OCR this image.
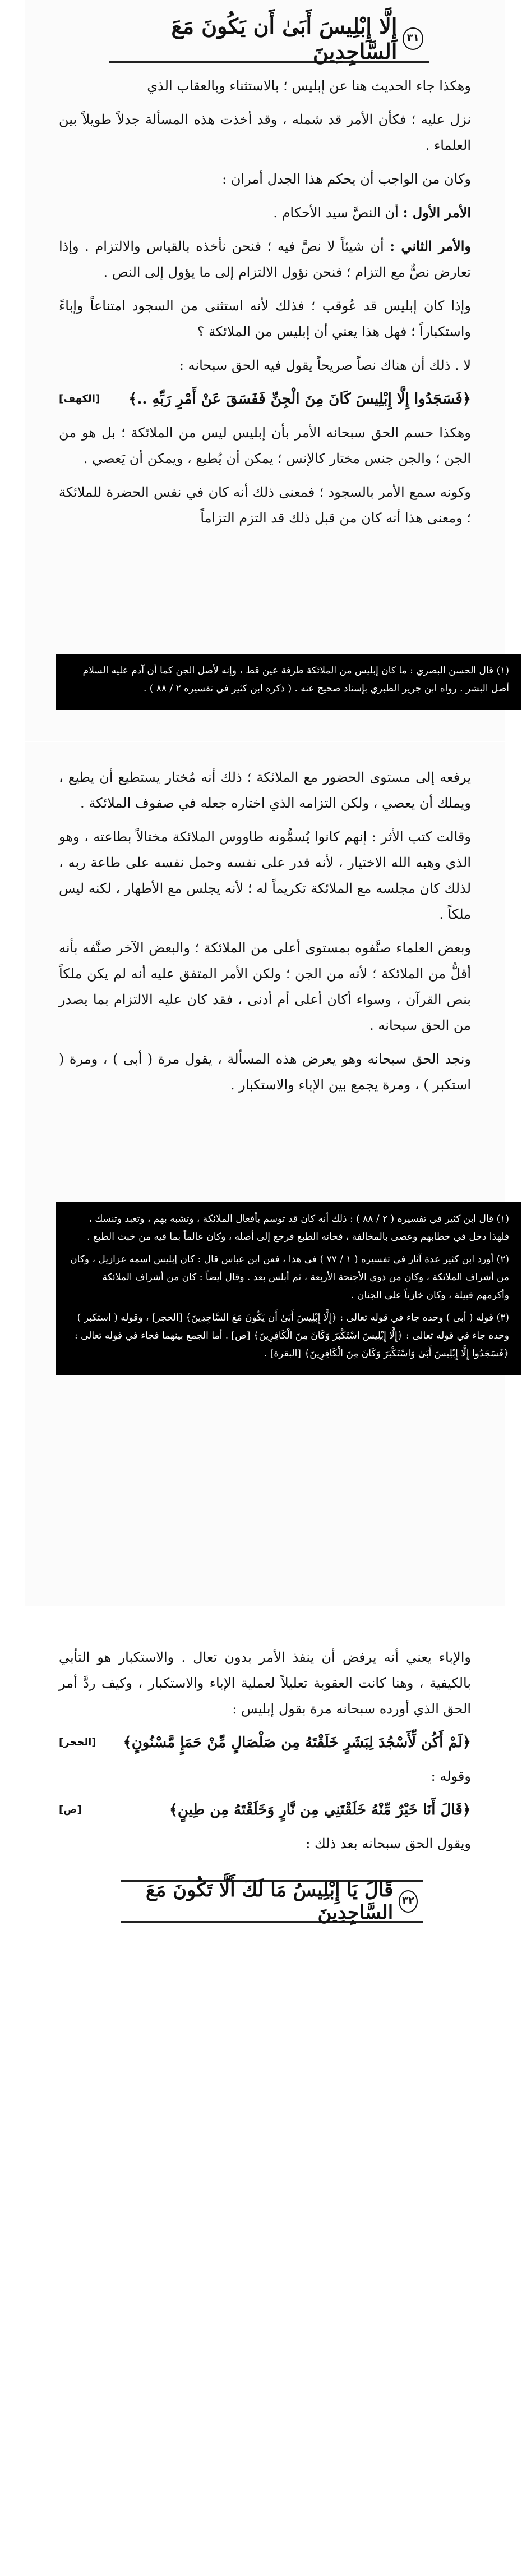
٣١
إِلَّا إِبْلِيسَ أَبَىٰ أَن يَكُونَ مَعَ السَّاجِدِينَ

وهكذا جاء الحديث هنا عن إبليس ؛ بالاستثناء وبالعقاب الذي

نزل عليه ؛ فكأن الأمر قد شمله ، وقد أخذت هذه المسألة جدلاً طويلاً بين العلماء .

وكان من الواجب أن يحكم هذا الجدل أمران :

الأمر الأول : أن النصَّ سيد الأحكام .

والأمر الثاني : أن شيئاً لا نصَّ فيه ؛ فنحن نأخذه بالقياس والالتزام . وإذا تعارض نصٌّ مع التزام ؛ فنحن نؤول الالتزام إلى ما يؤول إلى النص .

وإذا كان إبليس قد عُوقب ؛ فذلك لأنه استثنى من السجود امتناعاً وإباءً واستكباراً ؛ فهل هذا يعني أن إبليس من الملائكة ؟

لا . ذلك أن هناك نصاً صريحاً يقول فيه الحق سبحانه :

﴿فَسَجَدُوا إِلَّا إِبْلِيسَ كَانَ مِنَ الْجِنِّ فَفَسَقَ عَنْ أَمْرِ رَبِّهِ ..﴾
[الكهف]

وهكذا حسم الحق سبحانه الأمر بأن إبليس ليس من الملائكة ؛ بل هو من الجن ؛ والجن جنس مختار كالإنس ؛ يمكن أن يُطيع ، ويمكن أن يَعصي .

وكونه سمع الأمر بالسجود ؛ فمعنى ذلك أنه كان في نفس الحضرة للملائكة ؛ ومعنى هذا أنه كان من قبل ذلك قد التزم التزاماً

(١) قال الحسن البصري : ما كان إبليس من الملائكة طرفة عين قط ، وإنه لأصل الجن كما أن آدم عليه السلام أصل البشر . رواه ابن جرير الطبري بإسناد صحيح عنه . ( ذكره ابن كثير في تفسيره ٢ / ٨٨ ) .

يرفعه إلى مستوى الحضور مع الملائكة ؛ ذلك أنه مُختار يستطيع أن يطيع ، ويملك أن يعصي ، ولكن التزامه الذي اختاره جعله في صفوف الملائكة .

وقالت كتب الأثر : إنهم كانوا يُسمُّونه طاووس الملائكة مختالاً بطاعته ، وهو الذي وهبه الله الاختيار ، لأنه قدر على نفسه وحمل نفسه على طاعة ربه ، لذلك كان مجلسه مع الملائكة تكريماً له ؛ لأنه يجلس مع الأطهار ، لكنه ليس ملكاً .

وبعض العلماء صنَّفوه بمستوى أعلى من الملائكة ؛ والبعض الآخر صنَّفه بأنه أقلُّ من الملائكة ؛ لأنه من الجن ؛ ولكن الأمر المتفق عليه أنه لم يكن ملكاً بنص القرآن ، وسواء أكان أعلى أم أدنى ، فقد كان عليه الالتزام بما يصدر من الحق سبحانه .

ونجد الحق سبحانه وهو يعرض هذه المسألة ، يقول مرة ( أبى ) ، ومرة ( استكبر ) ، ومرة يجمع بين الإباء والاستكبار .

(١) قال ابن كثير في تفسيره ( ٢ / ٨٨ ) : ذلك أنه كان قد توسم بأفعال الملائكة ، وتشبه بهم ، وتعبد وتنسك ، فلهذا دخل في خطابهم وعصى بالمخالفة ، فخانه الطبع فرجع إلى أصله ، وكان عالماً بما فيه من خبث الطبع .

(٢) أورد ابن كثير عدة آثار في تفسيره ( ١ / ٧٧ ) في هذا ، فعن ابن عباس قال : كان إبليس اسمه عزازيل ، وكان من أشراف الملائكة ، وكان من ذوي الأجنحة الأربعة ، ثم أبلس بعد . وقال أيضاً : كان من أشراف الملائكة وأكرمهم قبيلة ، وكان خازناً على الجنان .

(٣) قوله ( أبى ) وحده جاء في قوله تعالى : ﴿إِلَّا إِبْلِيسَ أَبَىٰ أَن يَكُونَ مَعَ السَّاجِدِينَ﴾ [الحجر] ، وقوله ( استكبر ) وحده جاء في قوله تعالى : ﴿إِلَّا إِبْلِيسَ اسْتَكْبَرَ وَكَانَ مِنَ الْكَافِرِينَ﴾ [ص] . أما الجمع بينهما فجاء في قوله تعالى : ﴿فَسَجَدُوا إِلَّا إِبْلِيسَ أَبَىٰ وَاسْتَكْبَرَ وَكَانَ مِنَ الْكَافِرِينَ﴾ [البقرة] .

والإباء يعني أنه يرفض أن ينفذ الأمر بدون تعال . والاستكبار هو التأبي بالكيفية ، وهنا كانت العقوبة تعليلاً لعملية الإباء والاستكبار ، وكيف ردَّ أمر الحق الذي أورده سبحانه مرة بقول إبليس :

﴿لَمْ أَكُن لِّأَسْجُدَ لِبَشَرٍ خَلَقْتَهُ مِن صَلْصَالٍ مِّنْ حَمَإٍ مَّسْنُونٍ﴾
[الحجر]

وقوله :

﴿قَالَ أَنَا خَيْرٌ مِّنْهُ خَلَقْتَنِي مِن نَّارٍ وَخَلَقْتَهُ مِن طِينٍ﴾
[ص]

ويقول الحق سبحانه بعد ذلك :

٣٢
قَالَ يَا إِبْلِيسُ مَا لَكَ أَلَّا تَكُونَ مَعَ السَّاجِدِينَ
